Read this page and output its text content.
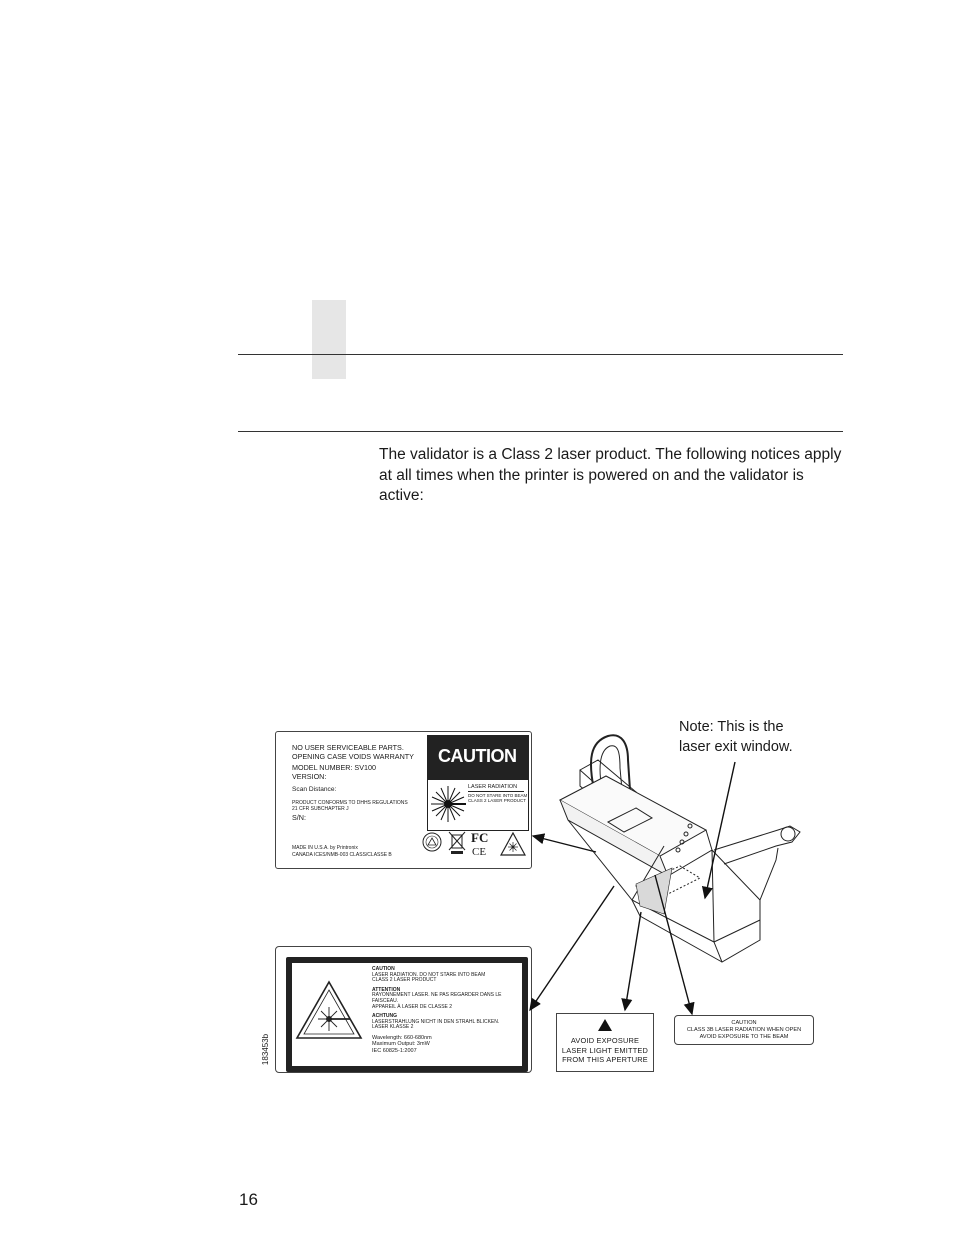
The validator is a Class 2 laser product. The following notices apply
at all times when the printer is powered on and the validator is
active:
Note: This is the
laser exit window.
NO USER SERVICEABLE PARTS.
OPENING CASE VOIDS WARRANTY
MODEL NUMBER: SV100
VERSION:
Scan Distance:
PRODUCT CONFORMS TO DHHS REGULATIONS
21 CFR SUBCHAPTER J
S/N:
MADE IN U.S.A. by Printronix
CANADA ICES/NMB-003 CLASS/CLASSE B
CAUTION
LASER RADIATION
DO NOT STARE INTO BEAM
CLASS 2 LASER PRODUCT
FC
CE
CAUTION
LASER RADIATION. DO NOT STARE INTO BEAM
CLASS 2 LASER PRODUCT
ATTENTION
RAYONNEMENT LASER. NE PAS REGARDER DANS LE FAISCEAU.
APPAREIL À LASER DE CLASSE 2
ACHTUNG
LASERSTRAHLUNG NICHT IN DEN STRAHL BLICKEN.
LASER KLASSE 2
Wavelength: 660-680nm
Maximum Output: 3mW
IEC 60825-1:2007
183453b	AVOID EXPOSURE
LASER LIGHT EMITTED
FROM THIS APERTURE
CAUTION
CLASS 3B LASER RADIATION WHEN OPEN
AVOID EXPOSURE TO THE BEAM
16
